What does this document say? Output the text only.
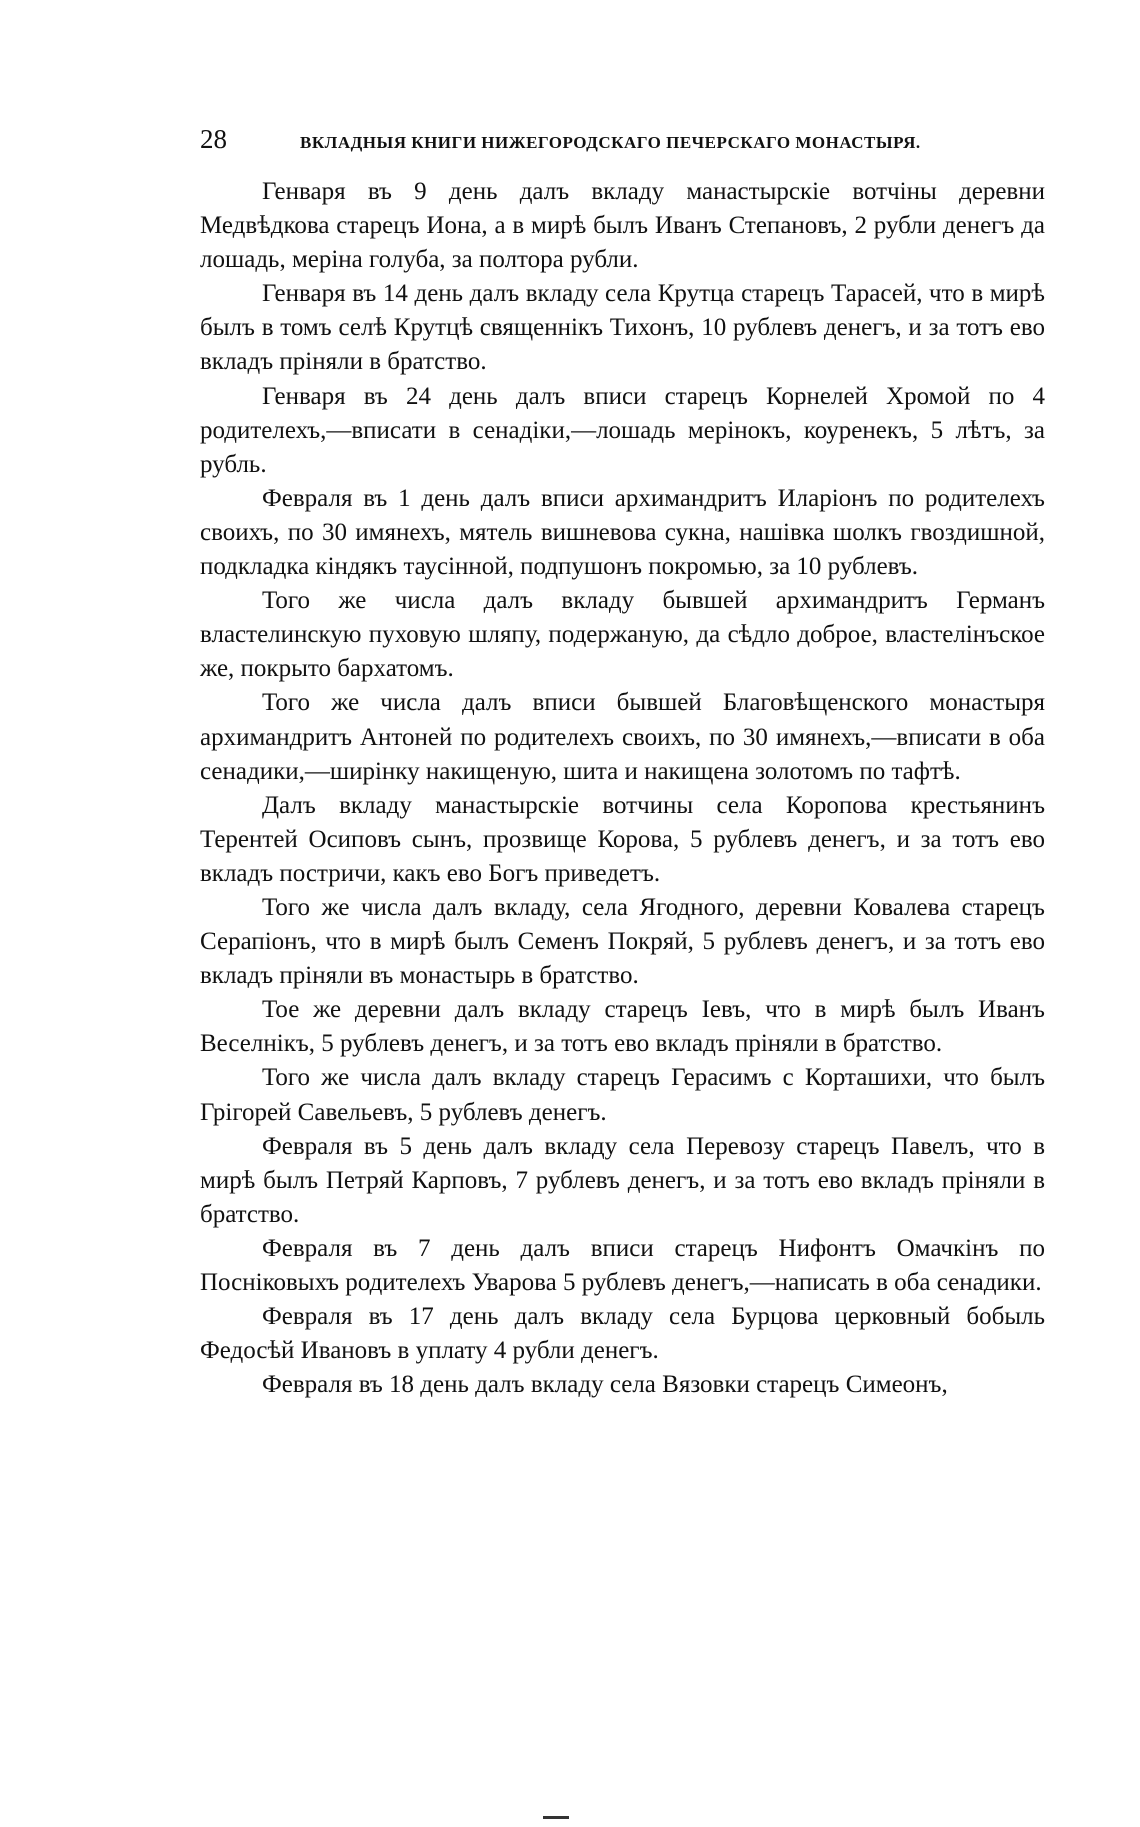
28	ВКЛАДНЫЯ КНИГИ НИЖЕГОРОДСКАГО ПЕЧЕРСКАГО МОНАСТЫРЯ.

Генваря въ 9 день далъ вкладу манастырскіе вотчіны деревни Медвѣдкова старецъ Иона, а в мирѣ былъ Иванъ Степановъ, 2 рубли денегъ да лошадь, меріна голуба, за полтора рубли.

Генваря въ 14 день далъ вкладу села Крутца старецъ Тарасей, что в мирѣ былъ в томъ селѣ Крутцѣ священнікъ Тихонъ, 10 рублевъ денегъ, и за тотъ ево вкладъ пріняли в братство.

Генваря въ 24 день далъ вписи старецъ Корнелей Хромой по 4 родителехъ,—вписати в сенадіки,—лошадь мерінокъ, коуренекъ, 5 лѣтъ, за рубль.

Февраля въ 1 день далъ вписи архимандритъ Иларіонъ по родителехъ своихъ, по 30 имянехъ, мятель вишневова сукна, нашівка шолкъ гвоздишной, подкладка кіндякъ таусінной, подпушонъ покромью, за 10 рублевъ.

Того же числа далъ вкладу бывшей архимандритъ Германъ властелинскую пуховую шляпу, подержаную, да сѣдло доброе, властелінъское же, покрыто бархатомъ.

Того же числа далъ вписи бывшей Благовѣщенского монастыря архимандритъ Антоней по родителехъ своихъ, по 30 имянехъ,—вписати в оба сенадики,—ширінку накищеную, шита и накищена золотомъ по тафтѣ.

Далъ вкладу манастырскіе вотчины села Коропова крестьянинъ Терентей Осиповъ сынъ, прозвище Корова, 5 рублевъ денегъ, и за тотъ ево вкладъ постричи, какъ ево Богъ приведетъ.

Того же числа далъ вкладу, села Ягодного, деревни Ковалева старецъ Серапіонъ, что в мирѣ былъ Семенъ Покряй, 5 рублевъ денегъ, и за тотъ ево вкладъ пріняли въ монастырь в братство.

Тое же деревни далъ вкладу старецъ Іевъ, что в мирѣ былъ Иванъ Веселнікъ, 5 рублевъ денегъ, и за тотъ ево вкладъ пріняли в братство.

Того же числа далъ вкладу старецъ Герасимъ с Корташихи, что былъ Грігорей Савельевъ, 5 рублевъ денегъ.

Февраля въ 5 день далъ вкладу села Перевозу старецъ Павелъ, что в мирѣ былъ Петряй Карповъ, 7 рублевъ денегъ, и за тотъ ево вкладъ пріняли в братство.

Февраля въ 7 день далъ вписи старецъ Нифонтъ Омачкінъ по Посніковыхъ родителехъ Уварова 5 рублевъ денегъ,—написать в оба сенадики.

Февраля въ 17 день далъ вкладу села Бурцова церковный бобыль Федосѣй Ивановъ в уплату 4 рубли денегъ.

Февраля въ 18 день далъ вкладу села Вязовки старецъ Симеонъ,
